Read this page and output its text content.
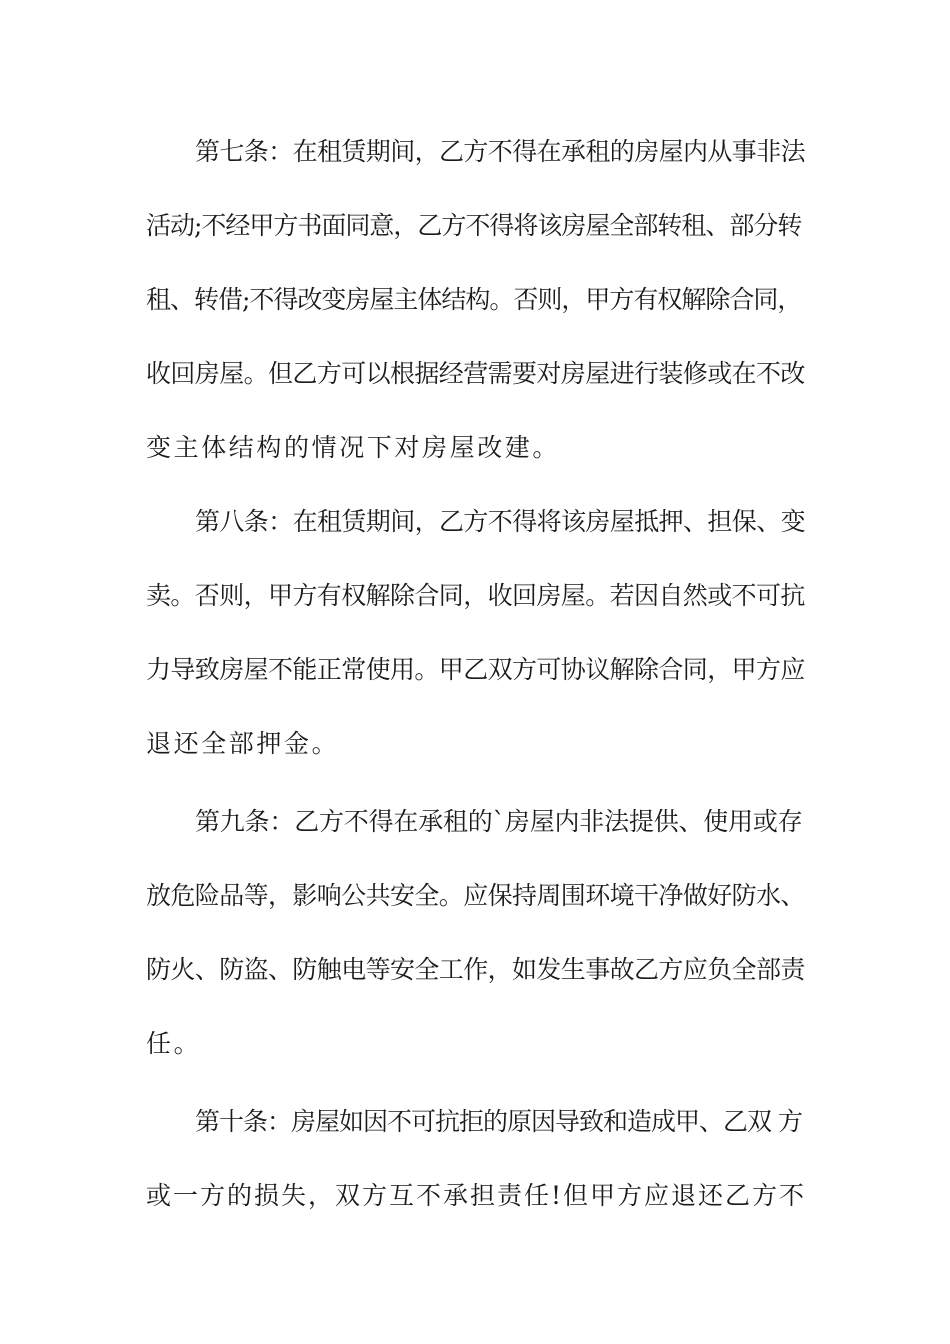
第七条：在租赁期间，乙方不得在承租的房屋内从事非法
活动;不经甲方书面同意，乙方不得将该房屋全部转租、部分转
租、转借;不得改变房屋主体结构。否则，甲方有权解除合同，
收回房屋。但乙方可以根据经营需要对房屋进行装修或在不改
变主体结构的情况下对房屋改建。
第八条：在租赁期间，乙方不得将该房屋抵押、担保、变
卖。否则，甲方有权解除合同，收回房屋。若因自然或不可抗
力导致房屋不能正常使用。甲乙双方可协议解除合同，甲方应
退还全部押金。
第九条：乙方不得在承租的`房屋内非法提供、使用或存
放危险品等，影响公共安全。应保持周围环境干净做好防水、
防火、防盗、防触电等安全工作，如发生事故乙方应负全部责
任。
第十条：房屋如因不可抗拒的原因导致和造成甲、乙双 方
或一方的损失，双方互不承担责任!但甲方应退还乙方不
